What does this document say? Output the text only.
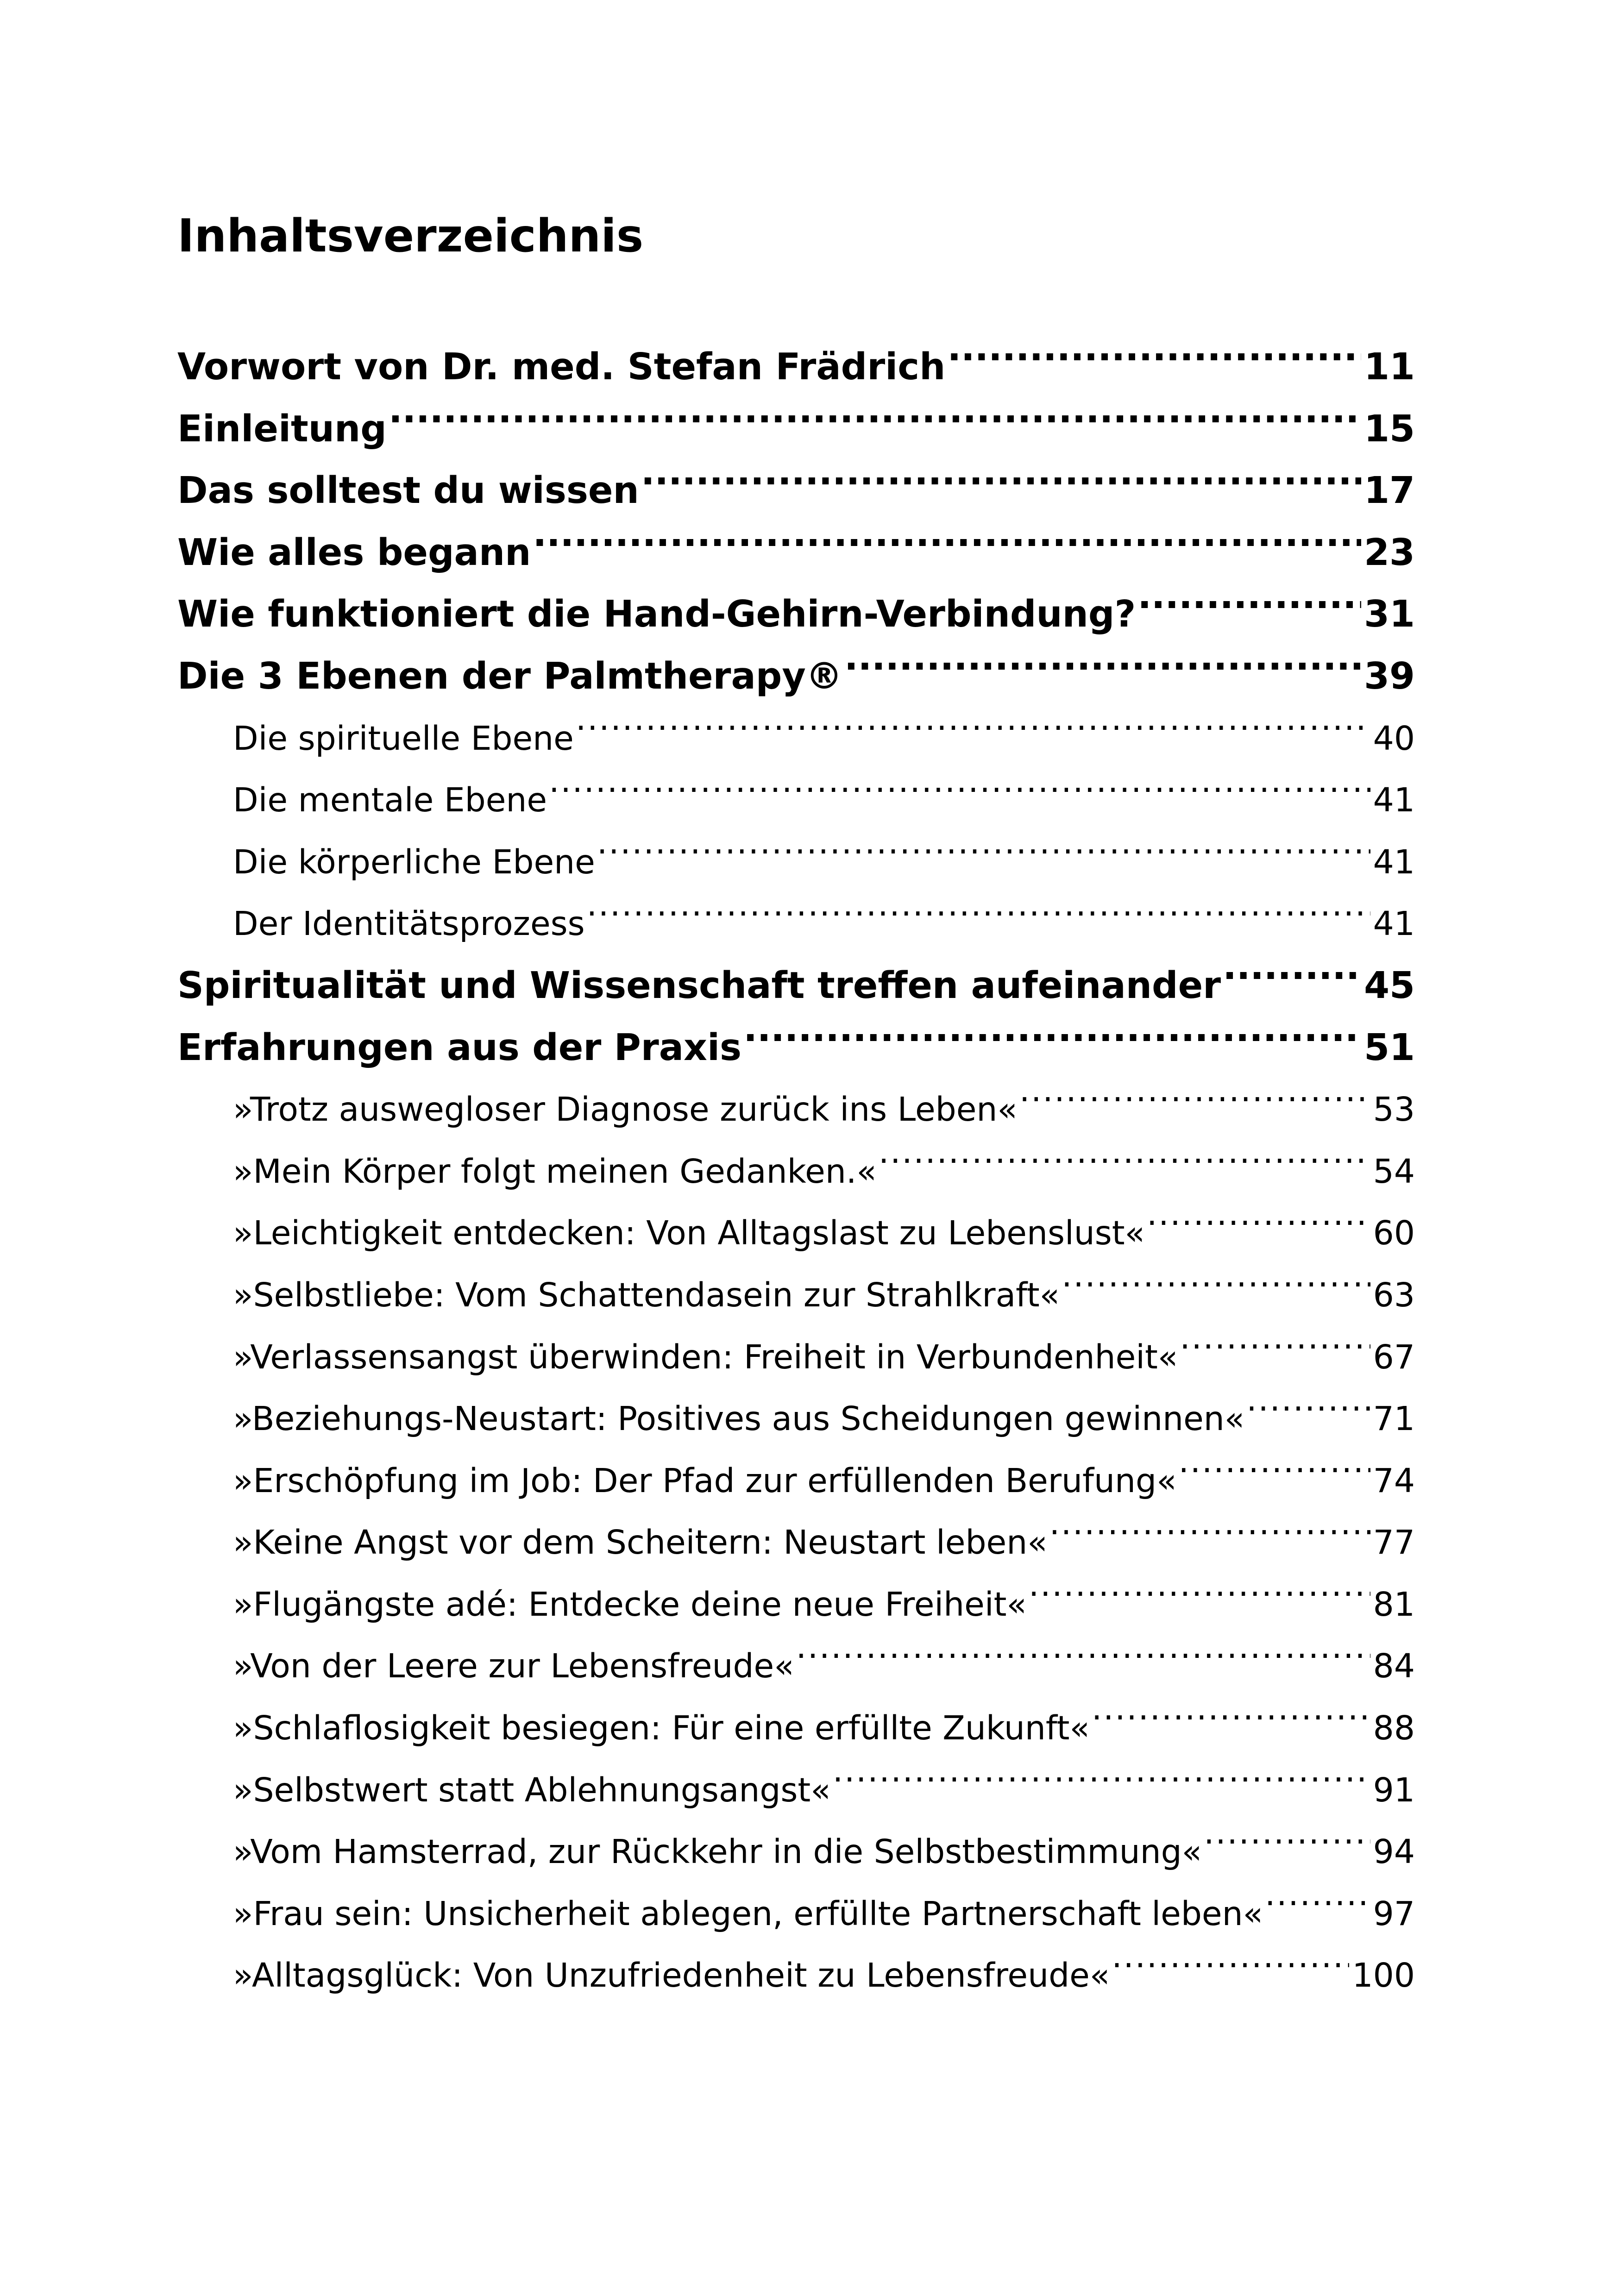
Inhaltsverzeichnis
Vorwort von Dr. med. Stefan Frädrich . . .	11
Einleitung . . .	15
Das solltest du wissen . . .	17
Wie alles begann . . .	23
Wie funktioniert die Hand-Gehirn-Verbindung? . . .	31
Die 3 Ebenen der Palmtherapy® . . .	39
Die spirituelle Ebene . . .	40
Die mentale Ebene . . .	41
Die körperliche Ebene . . .	41
Der Identitätsprozess . . .	41
Spiritualität und Wissenschaft treffen aufeinander . . .	45
Erfahrungen aus der Praxis . . .	51
»Trotz auswegloser Diagnose zurück ins Leben« . . .	53
»Mein Körper folgt meinen Gedanken.« . . .	54
»Leichtigkeit entdecken: Von Alltagslast zu Lebenslust« . . .	60
»Selbstliebe: Vom Schattendasein zur Strahlkraft« . . .	63
»Verlassensangst überwinden: Freiheit in Verbundenheit« . . .	67
»Beziehungs-Neustart: Positives aus Scheidungen gewinnen« . . .	71
»Erschöpfung im Job: Der Pfad zur erfüllenden Berufung« . . .	74
»Keine Angst vor dem Scheitern: Neustart leben« . . .	77
»Flugängste adé: Entdecke deine neue Freiheit« . . .	81
»Von der Leere zur Lebensfreude« . . .	84
»Schlaflosigkeit besiegen: Für eine erfüllte Zukunft« . . .	88
»Selbstwert statt Ablehnungsangst« . . .	91
»Vom Hamsterrad, zur Rückkehr in die Selbstbestimmung« . . .	94
»Frau sein: Unsicherheit ablegen, erfüllte Partnerschaft leben« . . .	97
»Alltagsglück: Von Unzufriedenheit zu Lebensfreude« . . .	100
